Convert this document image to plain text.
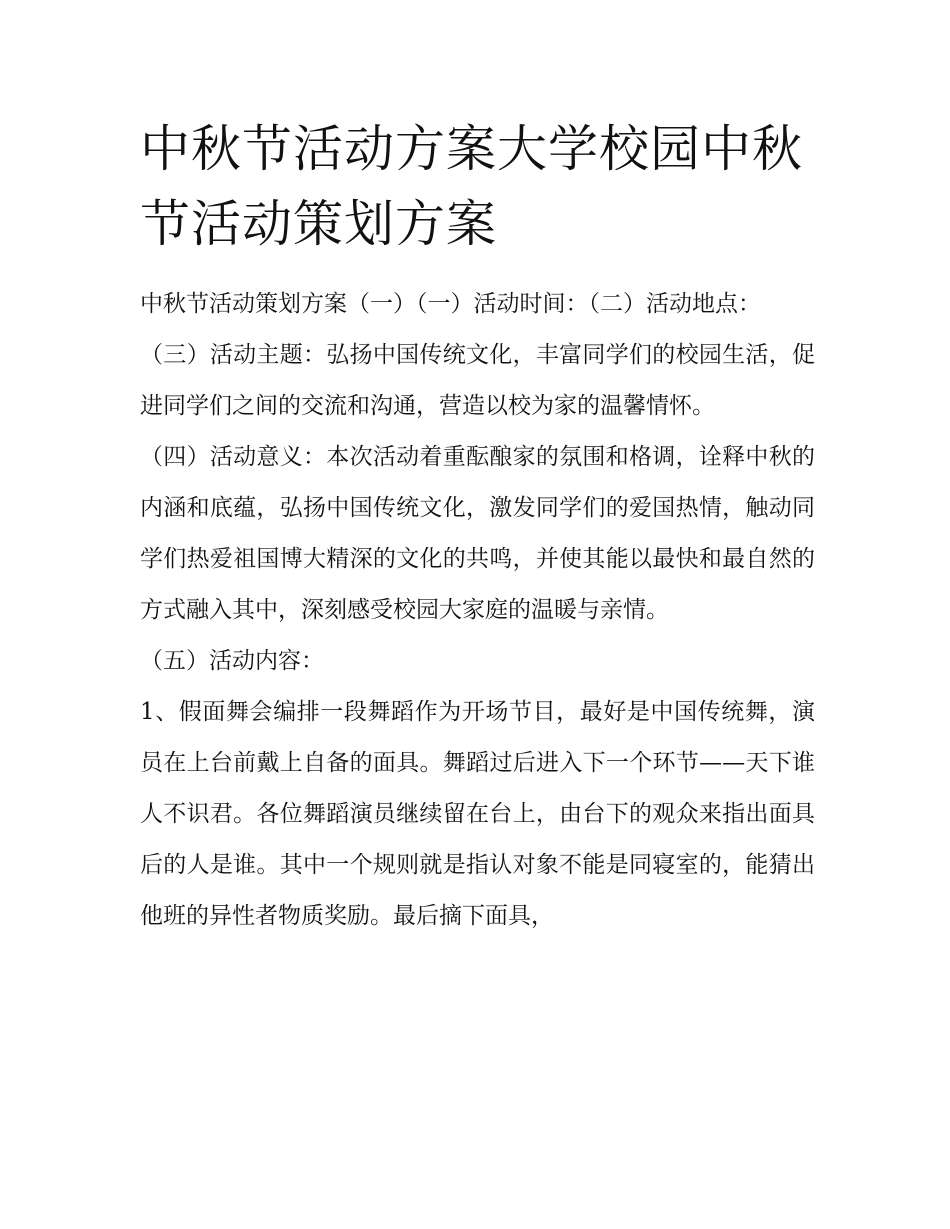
中秋节活动方案大学校园中秋节活动策划方案

中秋节活动策划方案（一）（一）活动时间：（二）活动地点：

（三）活动主题：弘扬中国传统文化，丰富同学们的校园生活，促进同学们之间的交流和沟通，营造以校为家的温馨情怀。

（四）活动意义：本次活动着重酝酿家的氛围和格调，诠释中秋的内涵和底蕴，弘扬中国传统文化，激发同学们的爱国热情，触动同学们热爱祖国博大精深的文化的共鸣，并使其能以最快和最自然的方式融入其中，深刻感受校园大家庭的温暖与亲情。

（五）活动内容：

1、假面舞会编排一段舞蹈作为开场节目，最好是中国传统舞，演员在上台前戴上自备的面具。舞蹈过后进入下一个环节——天下谁人不识君。各位舞蹈演员继续留在台上，由台下的观众来指出面具后的人是谁。其中一个规则就是指认对象不能是同寝室的，能猜出他班的异性者物质奖励。最后摘下面具，
